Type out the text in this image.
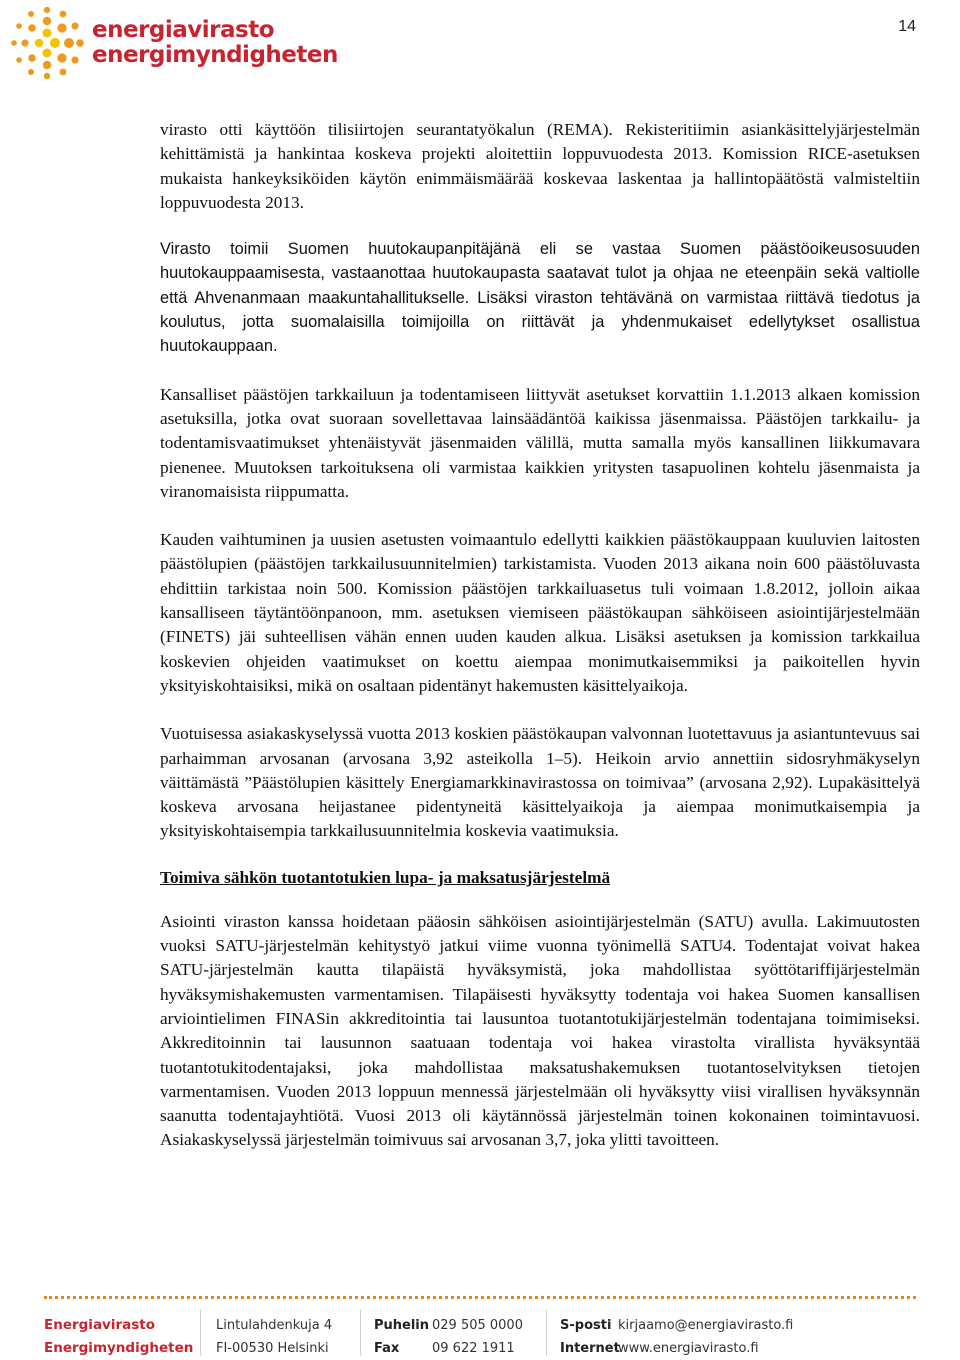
energiavirasto
energimyndigheten
14

virasto otti käyttöön tilisiirtojen seurantatyökalun (REMA). Rekisteritiimin asiankäsittelyjärjestelmän kehittämistä ja hankintaa koskeva projekti aloitettiin loppuvuodesta 2013. Komission RICE-asetuksen mukaista hankeyksiköiden käytön enimmäismäärää koskevaa laskentaa ja hallintopäätöstä valmisteltiin loppuvuodesta 2013.

Virasto toimii Suomen huutokaupanpitäjänä eli se vastaa Suomen päästöoikeusosuuden huutokauppaamisesta, vastaanottaa huutokaupasta saatavat tulot ja ohjaa ne eteenpäin sekä valtiolle että Ahvenanmaan maakuntahallitukselle. Lisäksi viraston tehtävänä on varmistaa riittävä tiedotus ja koulutus, jotta suomalaisilla toimijoilla on riittävät ja yhdenmukaiset edellytykset osallistua huutokauppaan.

Kansalliset päästöjen tarkkailuun ja todentamiseen liittyvät asetukset korvattiin 1.1.2013 alkaen komission asetuksilla, jotka ovat suoraan sovellettavaa lainsäädäntöä kaikissa jäsenmaissa. Päästöjen tarkkailu- ja todentamisvaatimukset yhtenäistyvät jäsenmaiden välillä, mutta samalla myös kansallinen liikkumavara pienenee. Muutoksen tarkoituksena oli varmistaa kaikkien yritysten tasapuolinen kohtelu jäsenmaista ja viranomaisista riippumatta.

Kauden vaihtuminen ja uusien asetusten voimaantulo edellytti kaikkien päästökauppaan kuuluvien laitosten päästölupien (päästöjen tarkkailusuunnitelmien) tarkistamista. Vuoden 2013 aikana noin 600 päästöluvasta ehdittiin tarkistaa noin 500. Komission päästöjen tarkkailuasetus tuli voimaan 1.8.2012, jolloin aikaa kansalliseen täytäntöönpanoon, mm. asetuksen viemiseen päästökaupan sähköiseen asiointijärjestelmään (FINETS) jäi suhteellisen vähän ennen uuden kauden alkua. Lisäksi asetuksen ja komission tarkkailua koskevien ohjeiden vaatimukset on koettu aiempaa monimutkaisemmiksi ja paikoitellen hyvin yksityiskohtaisiksi, mikä on osaltaan pidentänyt hakemusten käsittelyaikoja.

Vuotuisessa asiakaskyselyssä vuotta 2013 koskien päästökaupan valvonnan luotettavuus ja asiantuntevuus sai parhaimman arvosanan (arvosana 3,92 asteikolla 1–5). Heikoin arvio annettiin sidosryhmäkyselyn väittämästä ”Päästölupien käsittely Energiamarkkinavirastossa on toimivaa” (arvosana 2,92). Lupakäsittelyä koskeva arvosana heijastanee pidentyneitä käsittelyaikoja ja aiempaa monimutkaisempia ja yksityiskohtaisempia tarkkailusuunnitelmia koskevia vaatimuksia.

Toimiva sähkön tuotantotukien lupa- ja maksatusjärjestelmä

Asiointi viraston kanssa hoidetaan pääosin sähköisen asiointijärjestelmän (SATU) avulla. Lakimuutosten vuoksi SATU-järjestelmän kehitystyö jatkui viime vuonna työnimellä SATU4. Todentajat voivat hakea SATU-järjestelmän kautta tilapäistä hyväksymistä, joka mahdollistaa syöttötariffijärjestelmän hyväksymishakemusten varmentamisen. Tilapäisesti hyväksytty todentaja voi hakea Suomen kansallisen arviointielimen FINASin akkreditointia tai lausuntoa tuotantotukijärjestelmän todentajana toimimiseksi. Akkreditoinnin tai lausunnon saatuaan todentaja voi hakea virastolta virallista hyväksyntää tuotantotukitodentajaksi, joka mahdollistaa maksatushakemuksen tuotantoselvityksen tietojen varmentamisen. Vuoden 2013 loppuun mennessä järjestelmään oli hyväksytty viisi virallisen hyväksynnän saanutta todentajayhtiötä. Vuosi 2013 oli käytännössä järjestelmän toinen kokonainen toimintavuosi. Asiakaskyselyssä järjestelmän toimivuus sai arvosanan 3,7, joka ylitti tavoitteen.

Energiavirasto
Energimyndigheten
Lintulahdenkuja 4
FI-00530 Helsinki
Puhelin 029 505 0000
Fax	09 622 1911
S-posti kirjaamo@energiavirasto.fi
Internetwww.energiavirasto.fi
